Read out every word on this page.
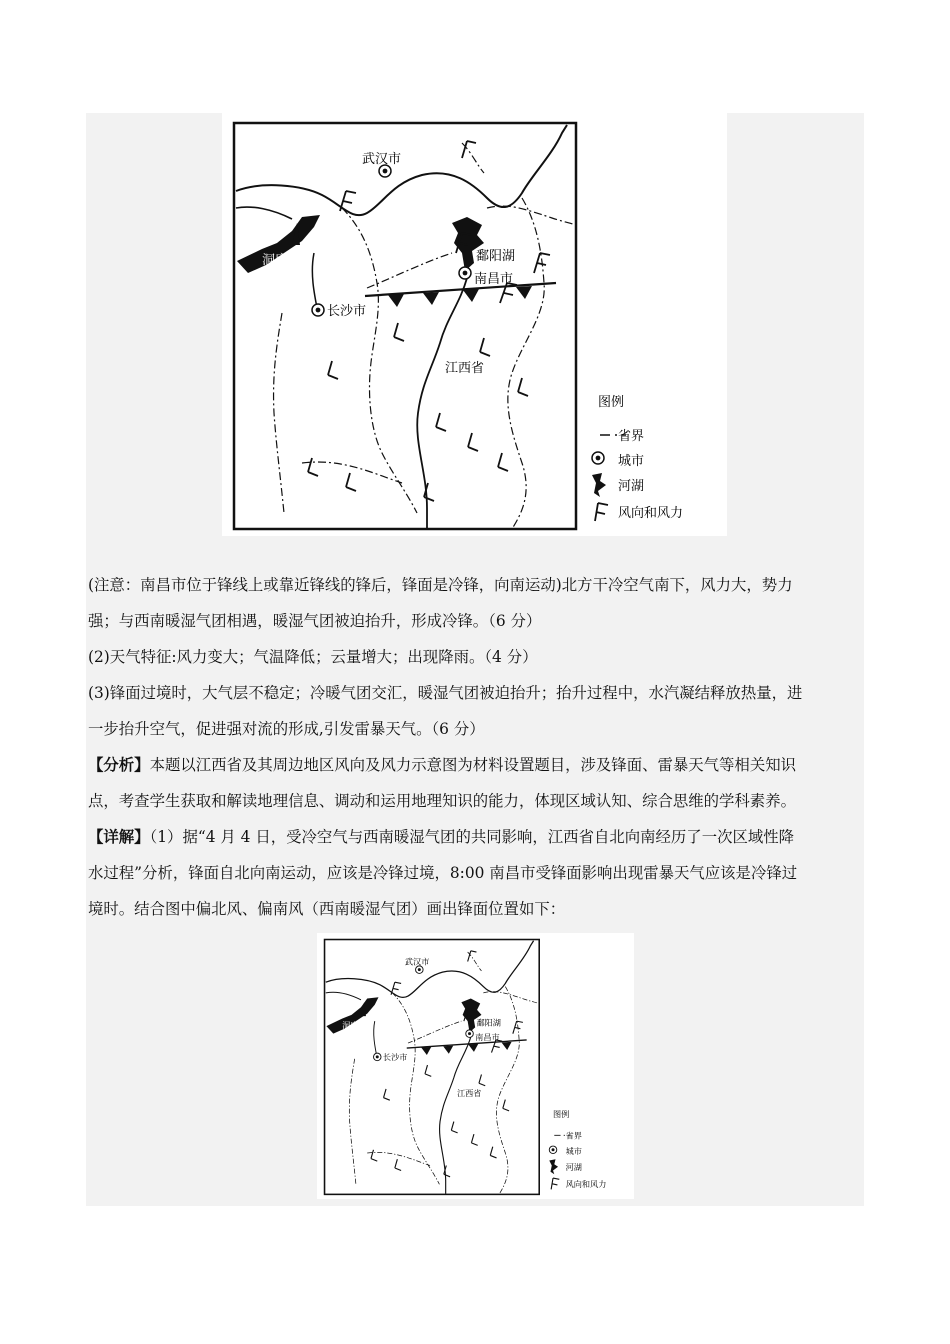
武汉市
洞庭湖	鄱阳湖
南昌市
长沙市
江西省
图例
省界
城市
河湖
风向和风力
(注意：南昌市位于锋线上或靠近锋线的锋后，锋面是冷锋，向南运动)北方干冷空气南下，风力大，势力
强；与西南暖湿气团相遇，暖湿气团被迫抬升，形成冷锋。（6 分）
(2)天气特征:风力变大；气温降低；云量增大；出现降雨。（4 分）
(3)锋面过境时，大气层不稳定；冷暖气团交汇，暖湿气团被迫抬升；抬升过程中，水汽凝结释放热量，进
一步抬升空气，促进强对流的形成,引发雷暴天气。（6 分）
【分析】本题以江西省及其周边地区风向及风力示意图为材料设置题目，涉及锋面、雷暴天气等相关知识
点，考查学生获取和解读地理信息、调动和运用地理知识的能力，体现区域认知、综合思维的学科素养。
【详解】（1）据“4 月 4 日，受冷空气与西南暖湿气团的共同影响，江西省自北向南经历了一次区域性降
水过程”分析，锋面自北向南运动，应该是冷锋过境，8:00 南昌市受锋面影响出现雷暴天气应该是冷锋过
境时。结合图中偏北风、偏南风（西南暖湿气团）画出锋面位置如下：
武汉市
洞庭湖	鄱阳湖
南昌市
长沙市
江西省
图例
省界
城市
河湖
风向和风力
